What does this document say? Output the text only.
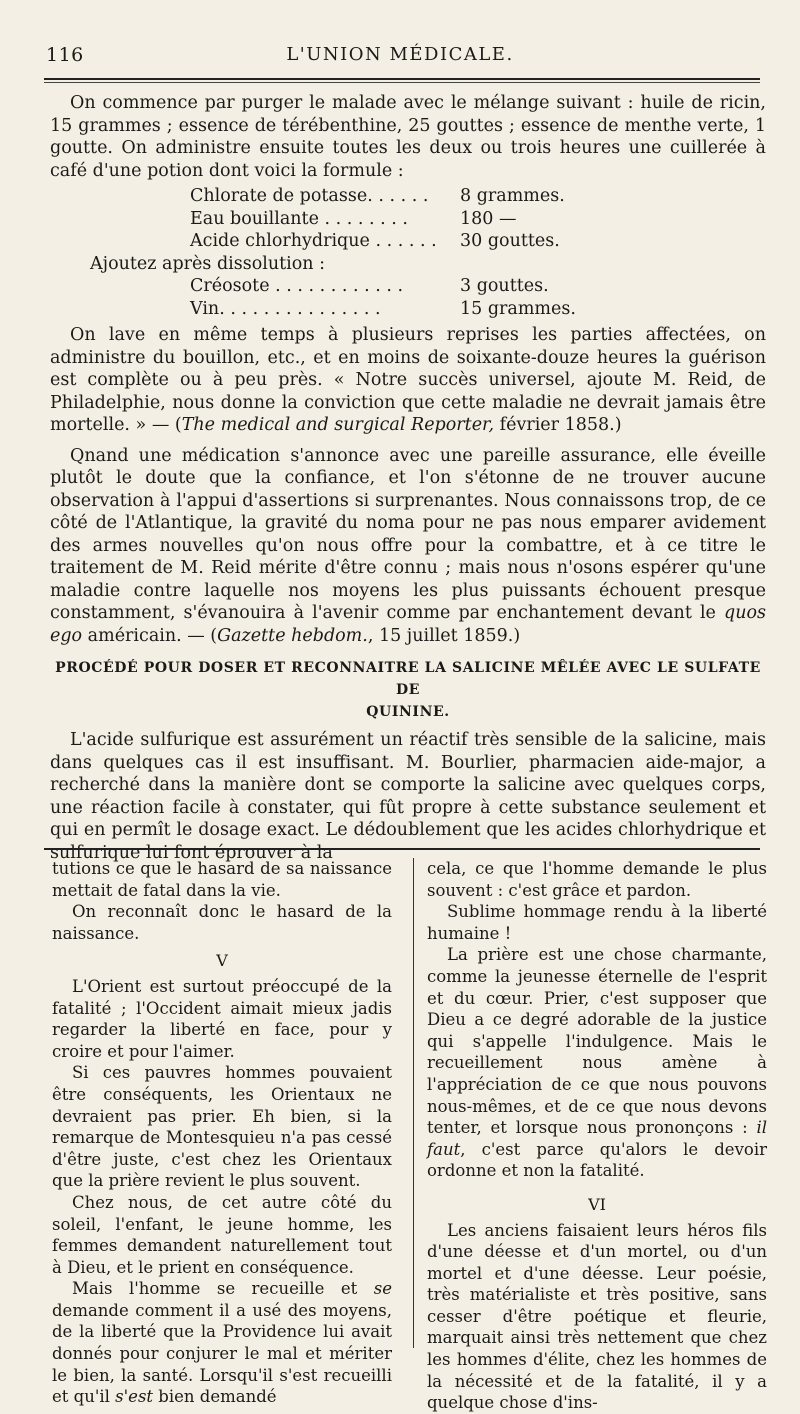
116	L'UNION MÉDICALE.

On commence par purger le malade avec le mélange suivant : huile de ricin, 15 grammes ; essence de térébenthine, 25 gouttes ; essence de menthe verte, 1 goutte. On administre ensuite toutes les deux ou trois heures une cuillerée à café d'une potion dont voici la formule :

Chlorate de potasse. . . . . . 8 grammes.
Eau bouillante . . . . . . . .	180 —
Acide chlorhydrique . . . . . . 30 gouttes.
Ajoutez après dissolution :
Créosote . . . . . . . . . . . .	3 gouttes.
Vin. . . . . . . . . . . . . . .	15 grammes.

On lave en même temps à plusieurs reprises les parties affectées, on administre du bouillon, etc., et en moins de soixante-douze heures la guérison est complète ou à peu près. « Notre succès universel, ajoute M. Reid, de Philadelphie, nous donne la conviction que cette maladie ne devrait jamais être mortelle. » — (The medical and surgical Reporter, février 1858.)

Qnand une médication s'annonce avec une pareille assurance, elle éveille plutôt le doute que la confiance, et l'on s'étonne de ne trouver aucune observation à l'appui d'assertions si surprenantes. Nous connaissons trop, de ce côté de l'Atlantique, la gravité du noma pour ne pas nous emparer avidement des armes nouvelles qu'on nous offre pour la combattre, et à ce titre le traitement de M. Reid mérite d'être connu ; mais nous n'osons espérer qu'une maladie contre laquelle nos moyens les plus puissants échouent presque constamment, s'évanouira à l'avenir comme par enchantement devant le quos ego américain. — (Gazette hebdom., 15 juillet 1859.)

PROCÉDÉ POUR DOSER ET RECONNAITRE LA SALICINE MÊLÉE AVEC LE SULFATE DE
QUININE.

L'acide sulfurique est assurément un réactif très sensible de la salicine, mais dans quelques cas il est insuffisant. M. Bourlier, pharmacien aide-major, a recherché dans la manière dont se comporte la salicine avec quelques corps, une réaction facile à constater, qui fût propre à cette substance seulement et qui en permît le dosage exact. Le dédoublement que les acides chlorhydrique et sulfurique lui font éprouver à la

tutions ce que le hasard de sa naissance mettait de fatal dans la vie.

On reconnaît donc le hasard de la naissance.

V

L'Orient est surtout préoccupé de la fatalité ; l'Occident aimait mieux jadis regarder la liberté en face, pour y croire et pour l'aimer.

Si ces pauvres hommes pouvaient être conséquents, les Orientaux ne devraient pas prier. Eh bien, si la remarque de Montesquieu n'a pas cessé d'être juste, c'est chez les Orientaux que la prière revient le plus souvent.

Chez nous, de cet autre côté du soleil, l'enfant, le jeune homme, les femmes demandent naturellement tout à Dieu, et le prient en conséquence.

Mais l'homme se recueille et se demande comment il a usé des moyens, de la liberté que la Providence lui avait donnés pour conjurer le mal et mériter le bien, la santé. Lorsqu'il s'est recueilli et qu'il s'est bien demandé

cela, ce que l'homme demande le plus souvent : c'est grâce et pardon.

Sublime hommage rendu à la liberté humaine !

La prière est une chose charmante, comme la jeunesse éternelle de l'esprit et du cœur. Prier, c'est supposer que Dieu a ce degré adorable de la justice qui s'appelle l'indulgence. Mais le recueillement nous amène à l'appréciation de ce que nous pouvons nous-mêmes, et de ce que nous devons tenter, et lorsque nous prononçons : il faut, c'est parce qu'alors le devoir ordonne et non la fatalité.

VI

Les anciens faisaient leurs héros fils d'une déesse et d'un mortel, ou d'un mortel et d'une déesse. Leur poésie, très matérialiste et très positive, sans cesser d'être poétique et fleurie, marquait ainsi très nettement que chez les hommes d'élite, chez les hommes de la nécessité et de la fatalité, il y a quelque chose d'ins-
